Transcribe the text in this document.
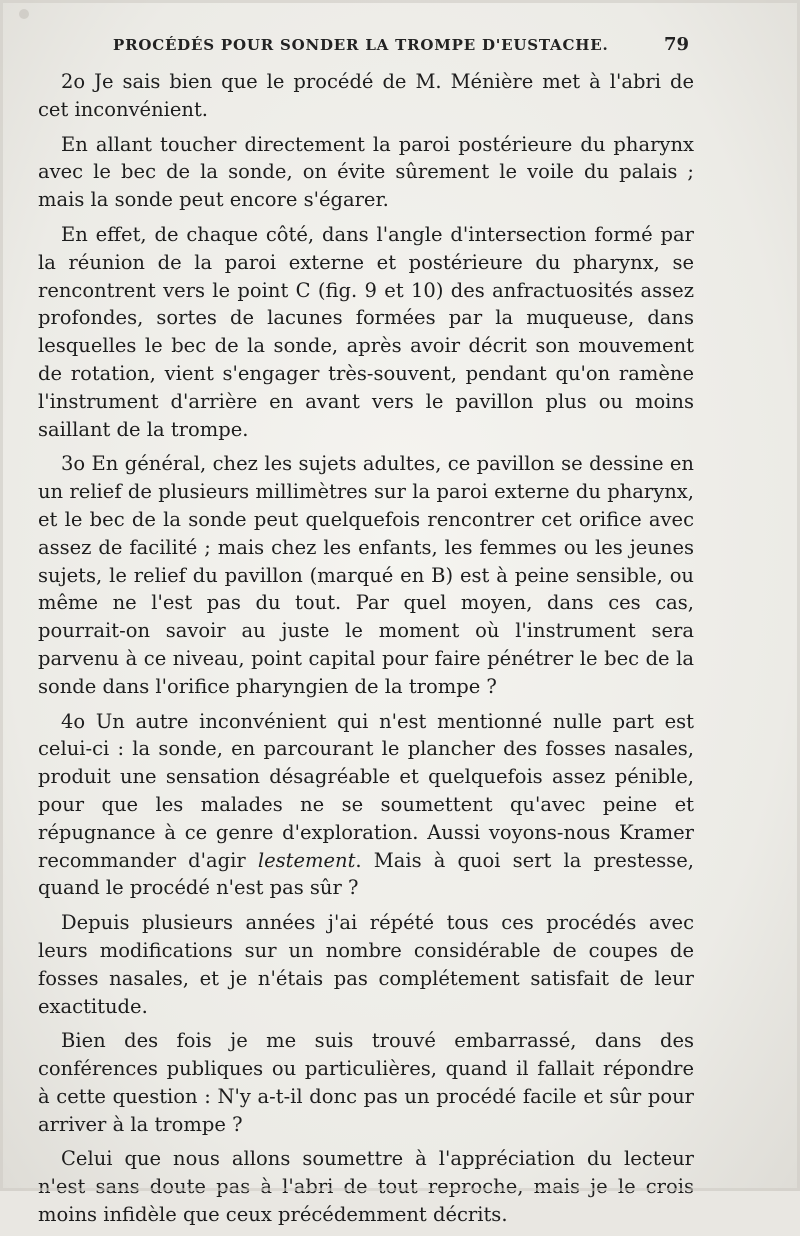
PROCÉDÉS POUR SONDER LA TROMPE D'EUSTACHE.	79

2o Je sais bien que le procédé de M. Ménière met à l'abri de cet inconvénient.

En allant toucher directement la paroi postérieure du pharynx avec le bec de la sonde, on évite sûrement le voile du palais ; mais la sonde peut encore s'égarer.

En effet, de chaque côté, dans l'angle d'intersection formé par la réunion de la paroi externe et postérieure du pharynx, se rencontrent vers le point C (fig. 9 et 10) des anfractuosités assez profondes, sortes de lacunes formées par la muqueuse, dans lesquelles le bec de la sonde, après avoir décrit son mouvement de rotation, vient s'engager très-souvent, pendant qu'on ramène l'instrument d'arrière en avant vers le pavillon plus ou moins saillant de la trompe.

3o En général, chez les sujets adultes, ce pavillon se dessine en un relief de plusieurs millimètres sur la paroi externe du pharynx, et le bec de la sonde peut quelquefois rencontrer cet orifice avec assez de facilité ; mais chez les enfants, les femmes ou les jeunes sujets, le relief du pavillon (marqué en B) est à peine sensible, ou même ne l'est pas du tout. Par quel moyen, dans ces cas, pourrait-on savoir au juste le moment où l'instrument sera parvenu à ce niveau, point capital pour faire pénétrer le bec de la sonde dans l'orifice pharyngien de la trompe ?

4o Un autre inconvénient qui n'est mentionné nulle part est celui-ci : la sonde, en parcourant le plancher des fosses nasales, produit une sensation désagréable et quelquefois assez pénible, pour que les malades ne se soumettent qu'avec peine et répugnance à ce genre d'exploration. Aussi voyons-nous Kramer recommander d'agir lestement. Mais à quoi sert la prestesse, quand le procédé n'est pas sûr ?

Depuis plusieurs années j'ai répété tous ces procédés avec leurs modifications sur un nombre considérable de coupes de fosses nasales, et je n'étais pas complétement satisfait de leur exactitude.

Bien des fois je me suis trouvé embarrassé, dans des conférences publiques ou particulières, quand il fallait répondre à cette question : N'y a-t-il donc pas un procédé facile et sûr pour arriver à la trompe ?

Celui que nous allons soumettre à l'appréciation du lecteur n'est sans doute pas à l'abri de tout reproche, mais je le crois moins infidèle que ceux précédemment décrits.
